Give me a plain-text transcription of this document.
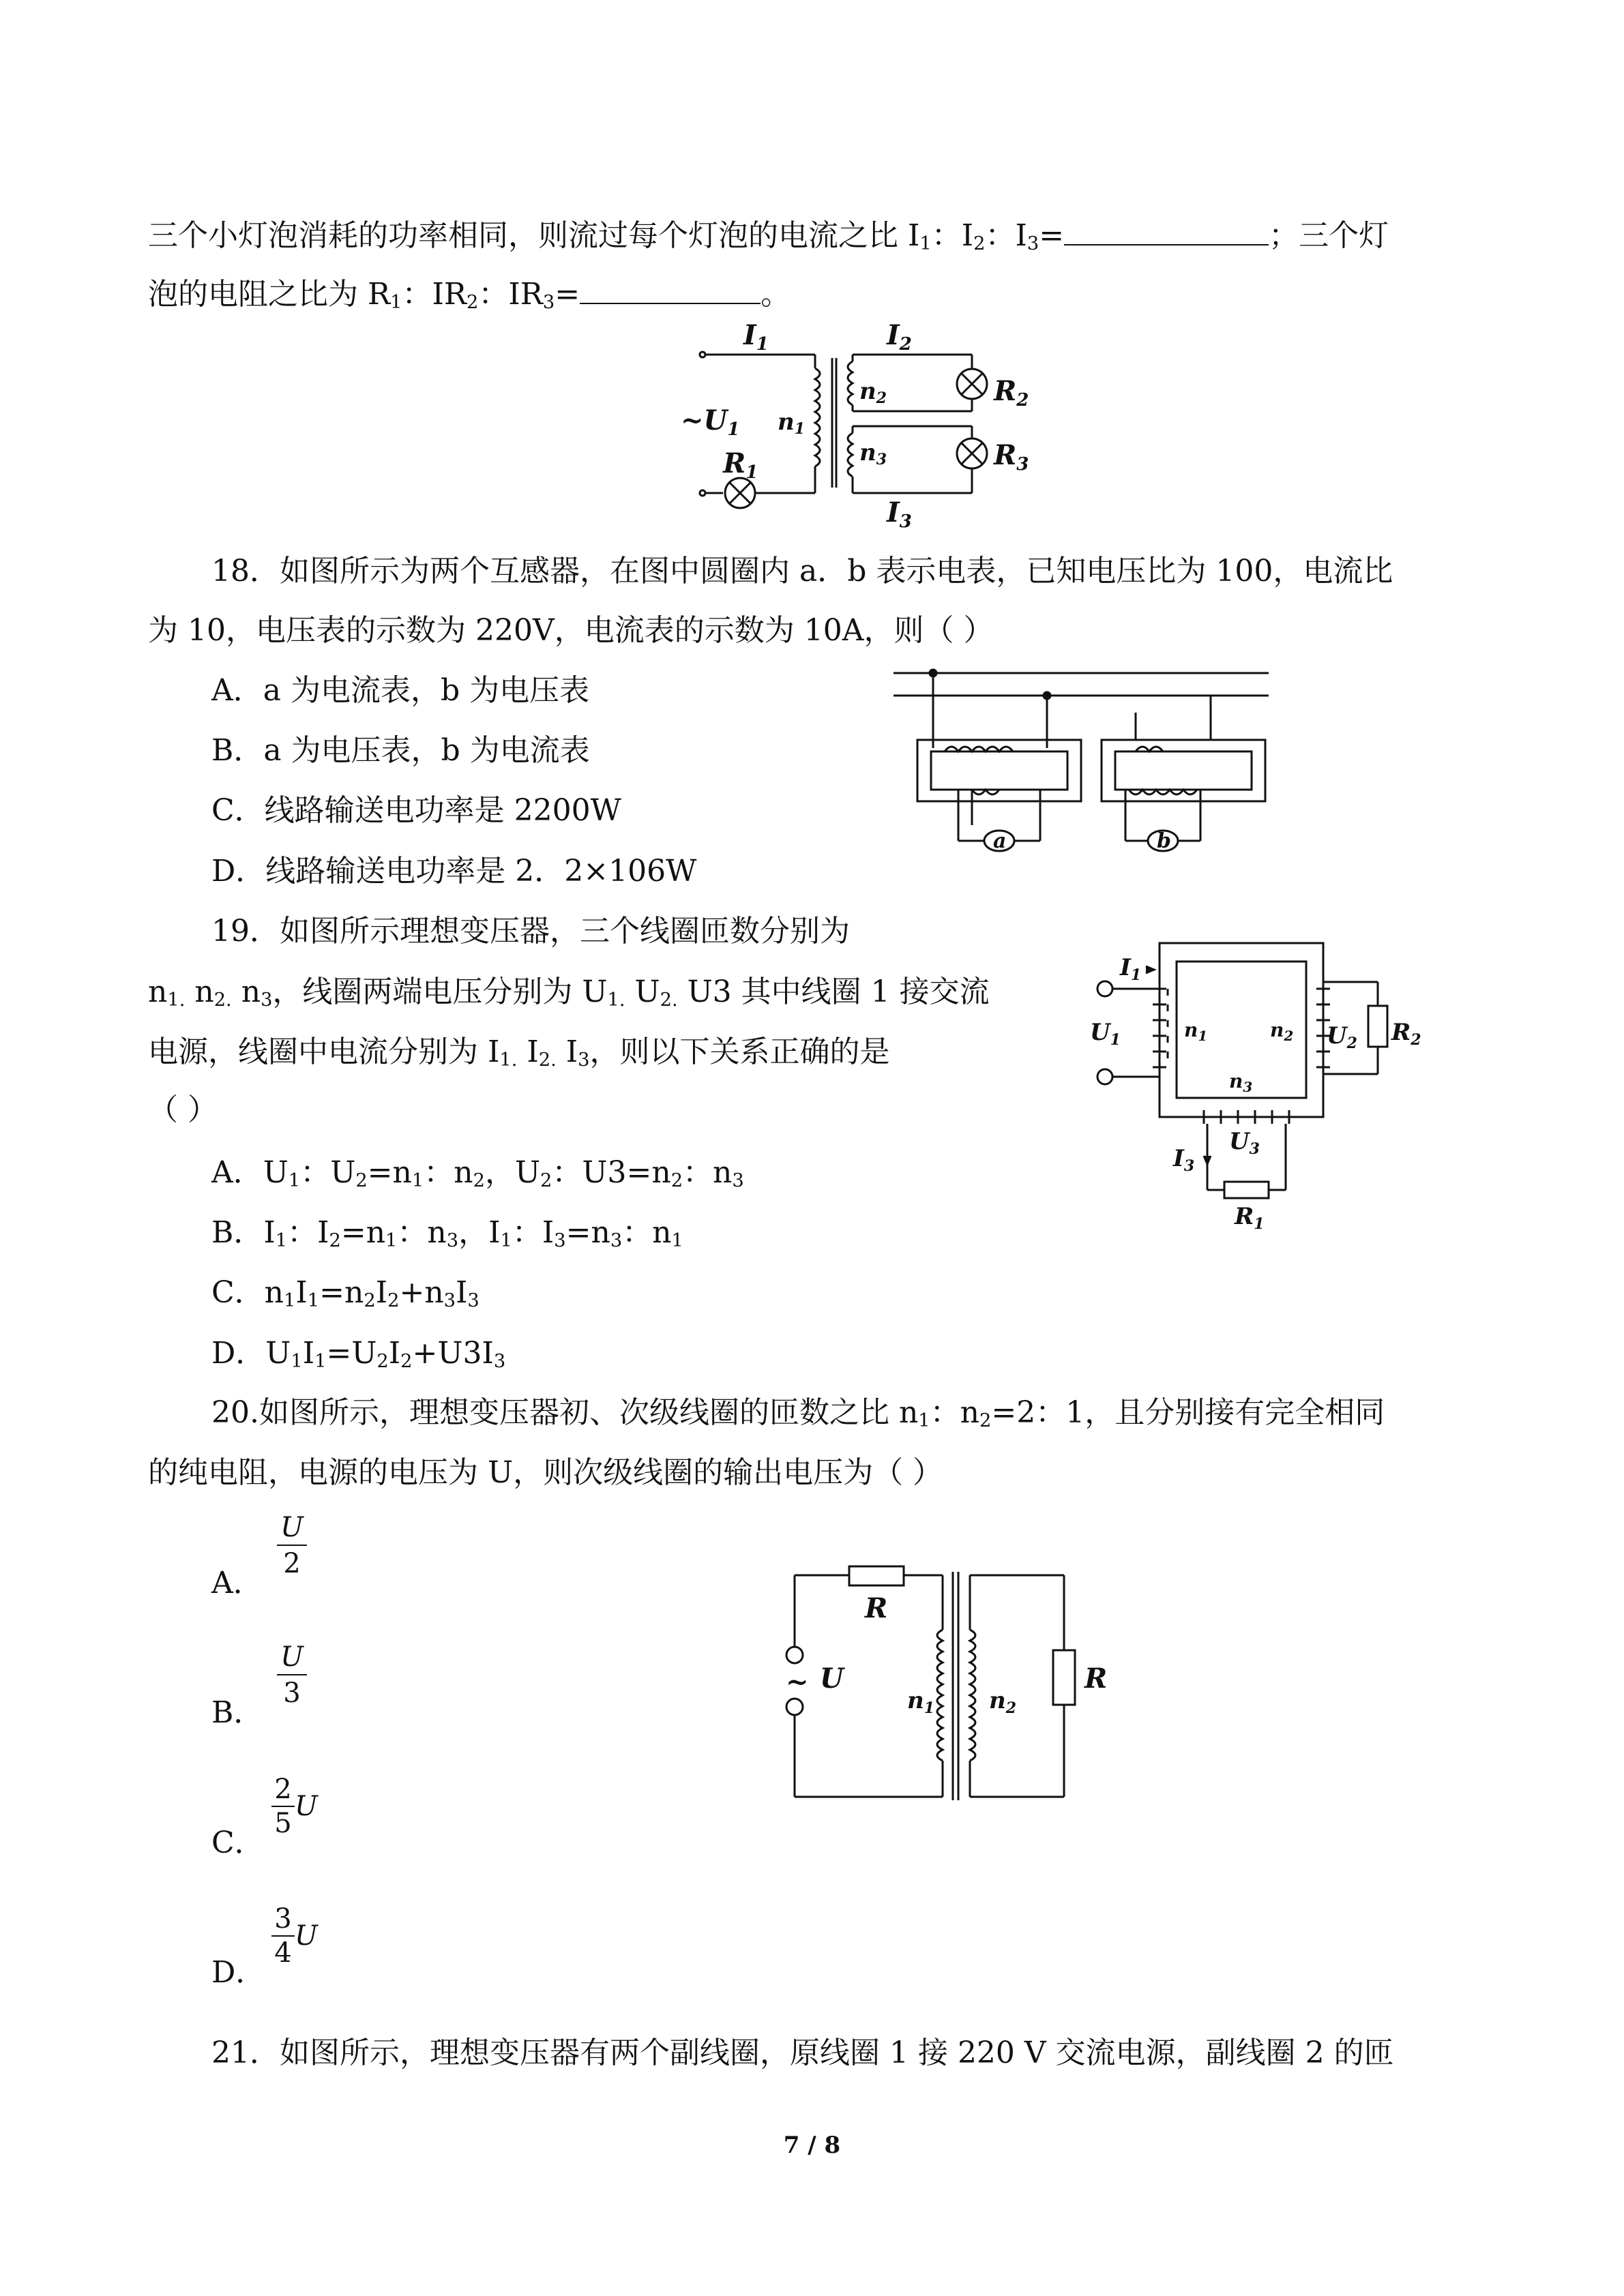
三个小灯泡消耗的功率相同，则流过每个灯泡的电流之比 $I_1$：$I_2$：$I_3=$	；三个灯
泡的电阻之比为 $R_1$：$IR_2$：$IR_3=$	。
$I_1$	$I_2$
$\sim U_1$ n1
n2
n3
$R_2$
$R_3$
$R_1$
$I_3$
18．如图所示为两个互感器，在图中圆圈内 a．b 表示电表，已知电压比为 100，电流比
为 10，电压表的示数为 220V，电流表的示数为 10A，则（ ）
A．a 为电流表，b 为电压表
B．a 为电压表，b 为电流表
C．线路输送电功率是 2200W
D．线路输送电功率是 2．2×106W
a	b
19．如图所示理想变压器，三个线圈匝数分别为
$n_{1.}$ $n_{2.}$ $n_3$，线圈两端电压分别为 $U_{1.}$ $U_{2.}$ U3 其中线圈 1 接交流
电源，线圈中电流分别为 $I_{1.}$ $I_{2.}$ $I_3$，则以下关系正确的是
（ ）
A．$U_1$：$U_2=n_1$：$n_2$，$U_2$：$U3=n_2$：$n_3$
B．$I_1$：$I_2=n_1$：$n_3$，$I_1$：$I_3=n_3$：$n_1$
C．$n_1I_1=n_2I_2+n_3I_3$
D．$U_1I_1=U_2I_2+U3I_3$
$I_1$
$U_1$	$n_1$	$n_2$ $U_2$ $R_2$
$n_3$
$U_3$
$I_3$
$R_1$
20.如图所示，理想变压器初、次级线圈的匝数之比 $n_1$：$n_2=2$：1，且分别接有完全相同
的纯电阻，电源的电压为 U，则次级线圈的输出电压为（ ）
A．
U
2
B．
U
3
C．
$\frac{2}{5}$ U
D．
$\frac{3}{4}$ U
R
~ U
$n_1$ $n_2$
R
21．如图所示，理想变压器有两个副线圈，原线圈 1 接 220 V 交流电源，副线圈 2 的匝
7 / 8
